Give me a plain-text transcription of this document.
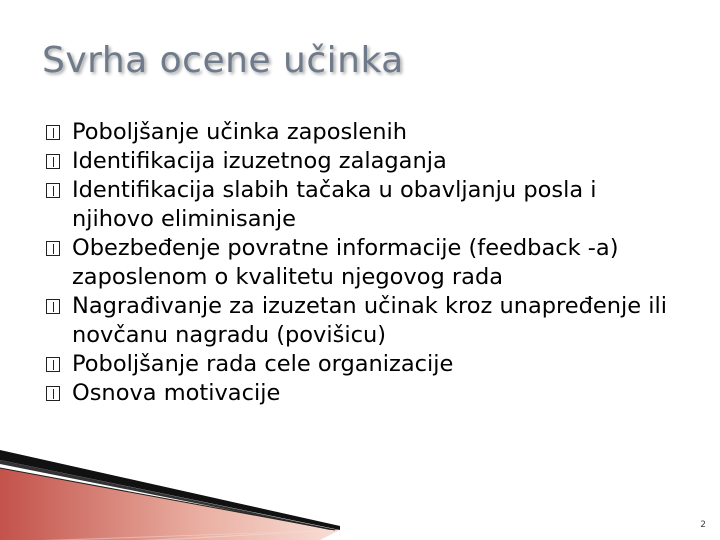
Svrha ocene učinka
Poboljšanje učinka zaposlenih
Identifikacija izuzetnog zalaganja
Identifikacija slabih tačaka u obavljanju posla i njihovo eliminisanje
Obezbeđenje povratne informacije (feedback -a) zaposlenom o kvalitetu njegovog rada
Nagrađivanje za izuzetan učinak kroz unapređenje ili novčanu nagradu (povišicu)
Poboljšanje rada cele organizacije
Osnova motivacije
2
